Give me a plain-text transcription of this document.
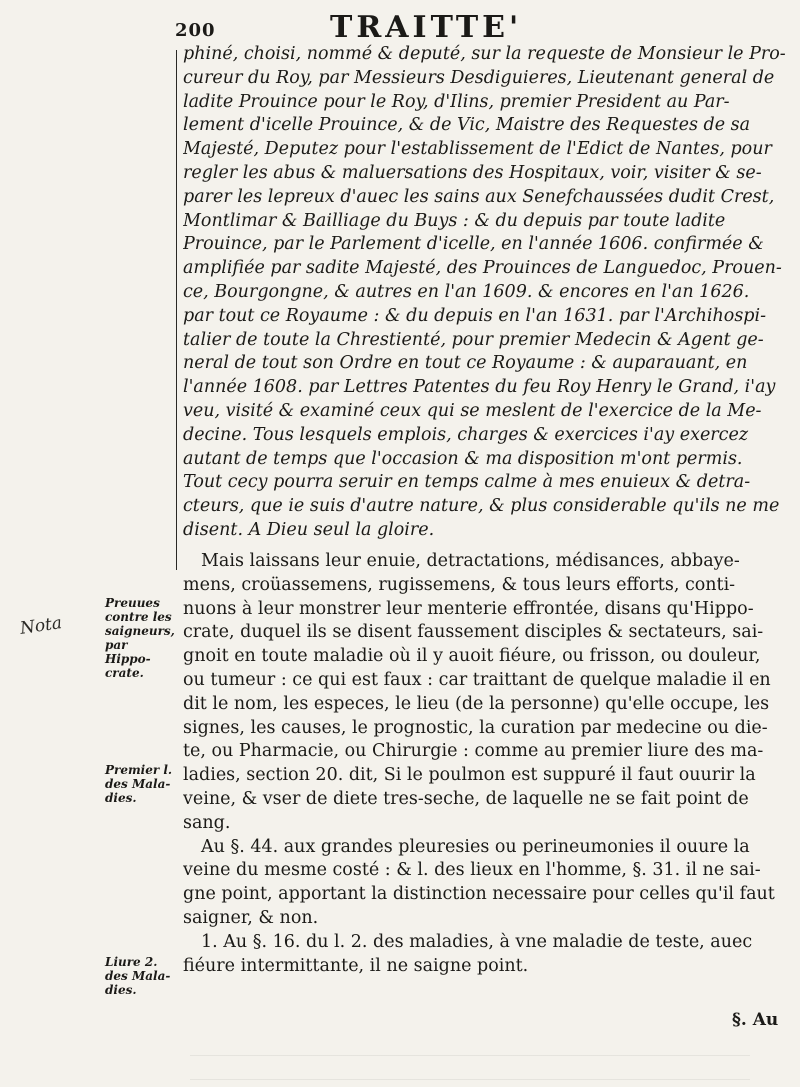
200	TRAITTE'
phiné, choisi, nommé & deputé, sur la requeste de Monsieur le Pro-
cureur du Roy, par Messieurs Desdiguieres, Lieutenant general de
ladite Prouince pour le Roy, d'Ilins, premier President au Par-
lement d'icelle Prouince, & de Vic, Maistre des Requestes de sa
Majesté, Deputez pour l'establissement de l'Edict de Nantes, pour
regler les abus & maluersations des Hospitaux, voir, visiter & se-
parer les lepreux d'auec les sains aux Senefchaussées dudit Crest,
Montlimar & Bailliage du Buys : & du depuis par toute ladite
Prouince, par le Parlement d'icelle, en l'année 1606. confirmée &
amplifiée par sadite Majesté, des Prouinces de Languedoc, Prouen-
ce, Bourgongne, & autres en l'an 1609. & encores en l'an 1626.
par tout ce Royaume : & du depuis en l'an 1631. par l'Archihospi-
talier de toute la Chrestienté, pour premier Medecin & Agent ge-
neral de tout son Ordre en tout ce Royaume : & auparauant, en
l'année 1608. par Lettres Patentes du feu Roy Henry le Grand, i'ay
veu, visité & examiné ceux qui se meslent de l'exercice de la Me-
decine. Tous lesquels emplois, charges & exercices i'ay exercez
autant de temps que l'occasion & ma disposition m'ont permis.
Tout cecy pourra seruir en temps calme à mes enuieux & detra-
cteurs, que ie suis d'autre nature, & plus considerable qu'ils ne me
disent. A Dieu seul la gloire.
Mais laissans leur enuie, detractations, médisances, abbaye-
mens, croüassemens, rugissemens, & tous leurs efforts, conti-
nuons à leur monstrer leur menterie effrontée, disans qu'Hippo-
crate, duquel ils se disent faussement disciples & sectateurs, sai-
gnoit en toute maladie où il y auoit fiéure, ou frisson, ou douleur,
ou tumeur : ce qui est faux : car traittant de quelque maladie il en
dit le nom, les especes, le lieu (de la personne) qu'elle occupe, les
signes, les causes, le prognostic, la curation par medecine ou die-
te, ou Pharmacie, ou Chirurgie : comme au premier liure des ma-
ladies, section 20. dit, Si le poulmon est suppuré il faut ouurir la
veine, & vser de diete tres-seche, de laquelle ne se fait point de
sang.
Au §. 44. aux grandes pleuresies ou perineumonies il ouure la
veine du mesme costé : & l. des lieux en l'homme, §. 31. il ne sai-
gne point, apportant la distinction necessaire pour celles qu'il faut
saigner, & non.
1. Au §. 16. du l. 2. des maladies, à vne maladie de teste, auec
fiéure intermittante, il ne saigne point.
Preuues
contre les
saigneurs,
par Hippo-
crate.
Premier l.
des Mala-
dies.
Liure 2.
des Mala-
dies.
Nota
§. Au
